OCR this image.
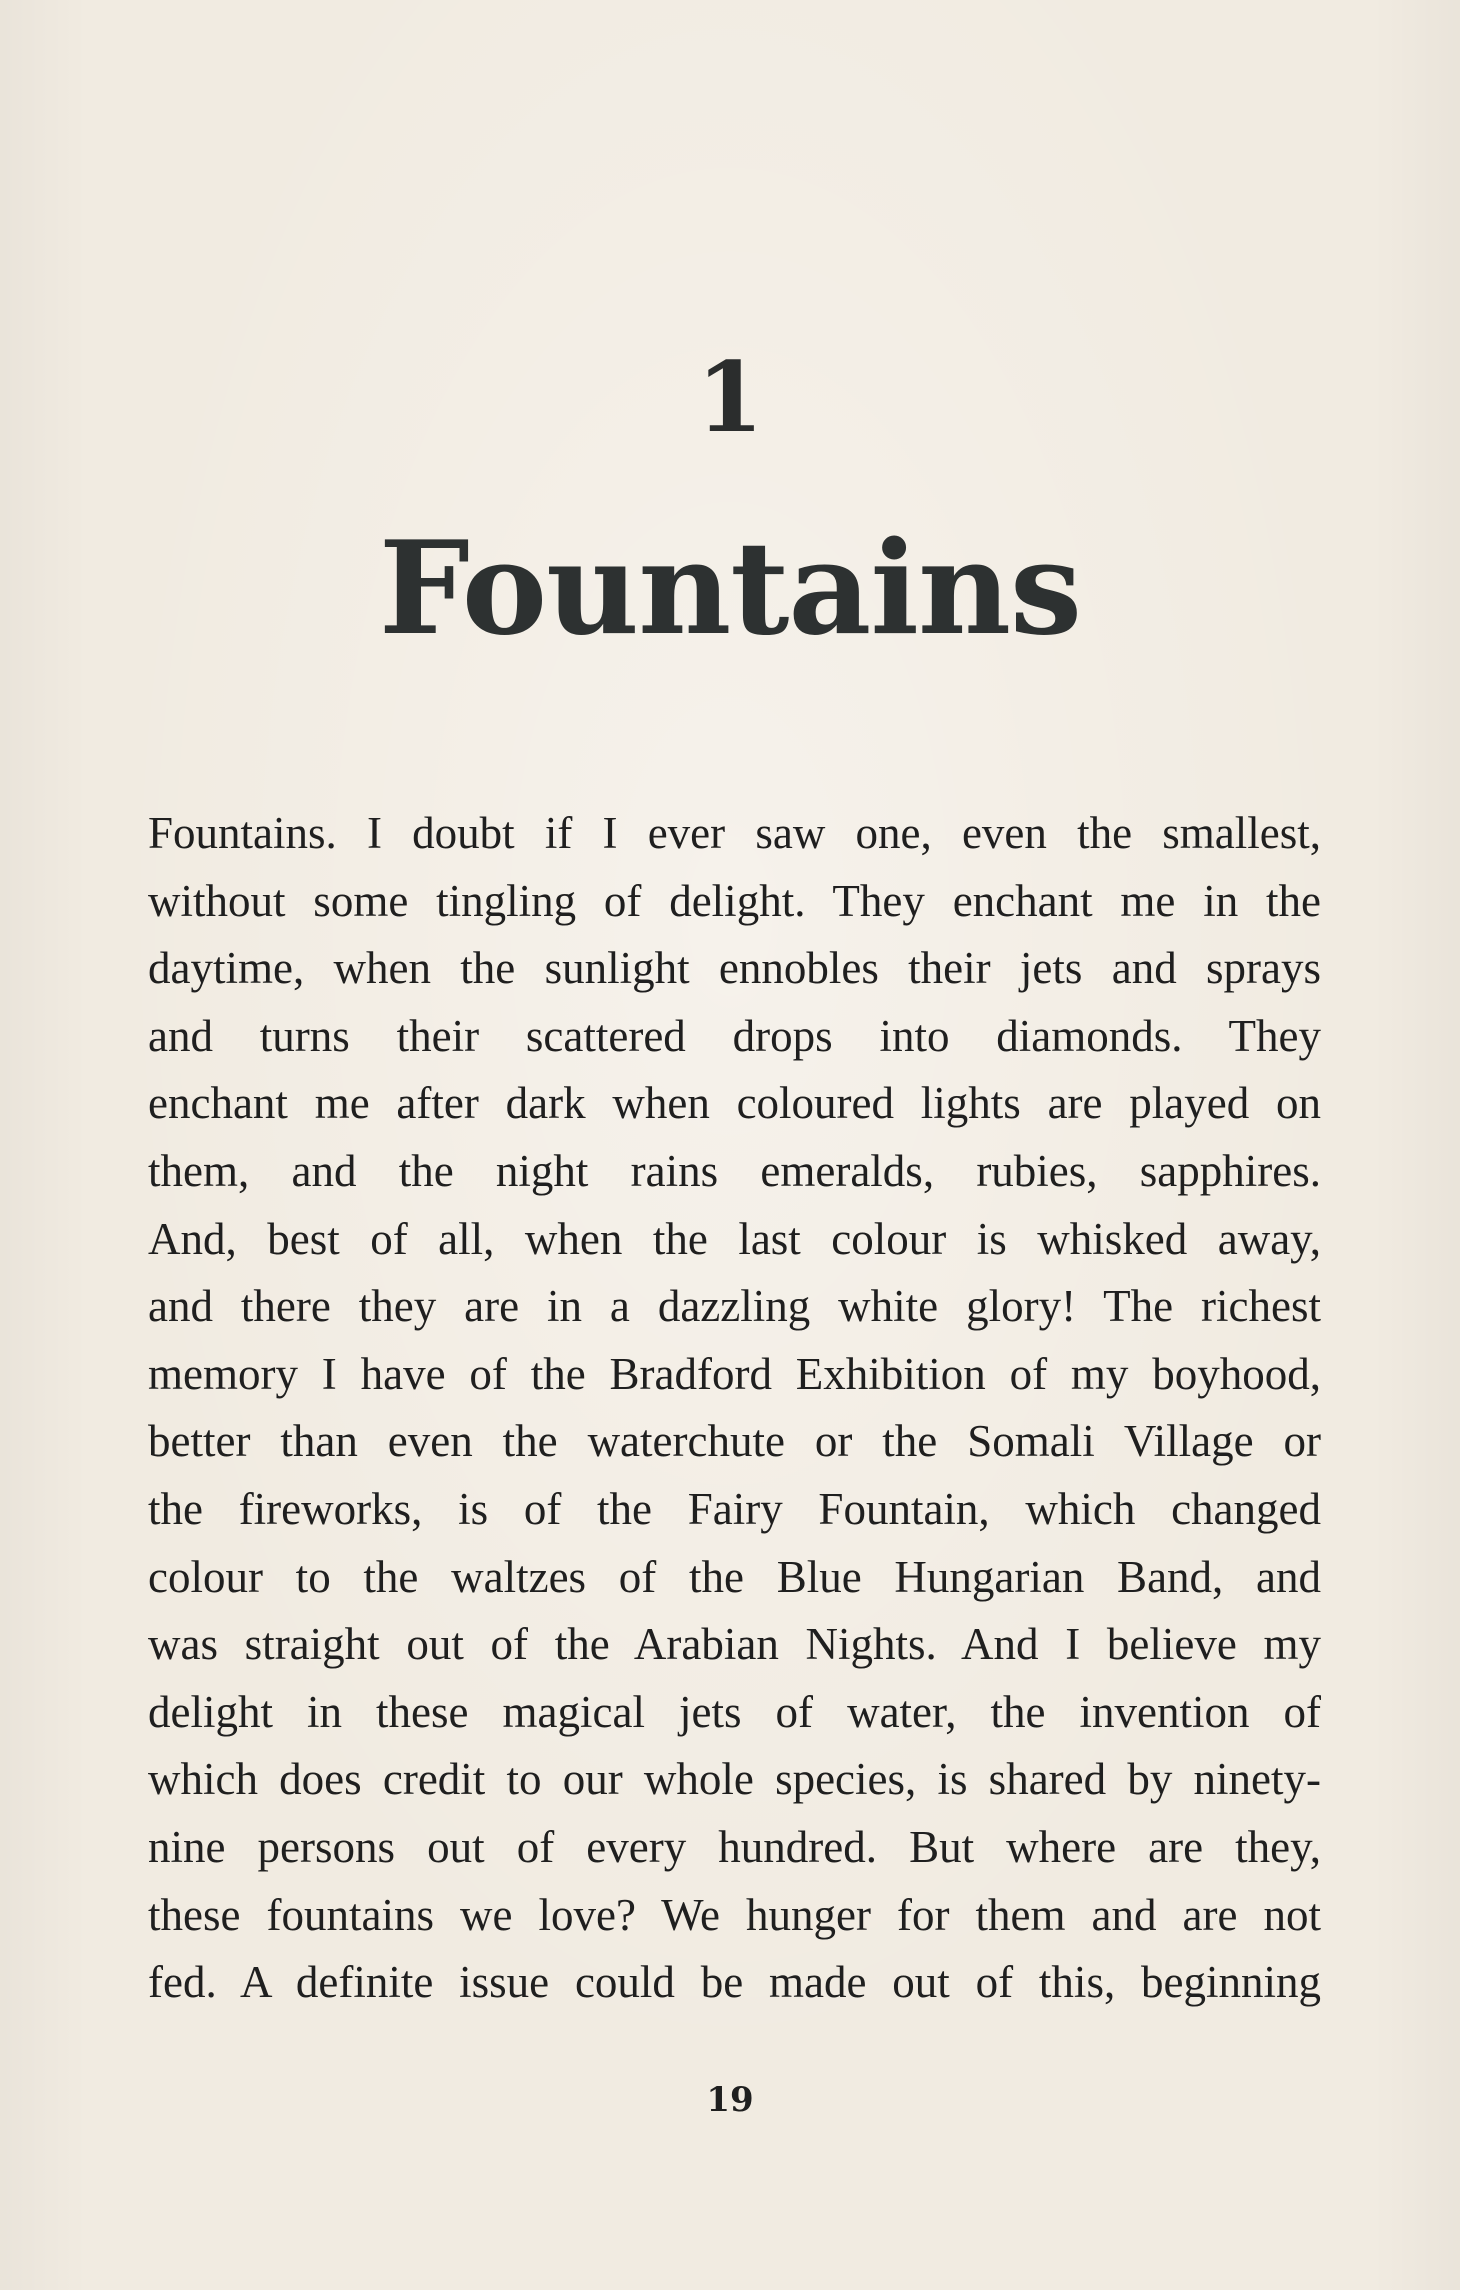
1
Fountains
Fountains. I doubt if I ever saw one, even the smallest,
without some tingling of delight. They enchant me in the
daytime, when the sunlight ennobles their jets and sprays
and turns their scattered drops into diamonds. They
enchant me after dark when coloured lights are played on
them, and the night rains emeralds, rubies, sapphires.
And, best of all, when the last colour is whisked away,
and there they are in a dazzling white glory! The richest
memory I have of the Bradford Exhibition of my boyhood,
better than even the waterchute or the Somali Village or
the fireworks, is of the Fairy Fountain, which changed
colour to the waltzes of the Blue Hungarian Band, and
was straight out of the Arabian Nights. And I believe my
delight in these magical jets of water, the invention of
which does credit to our whole species, is shared by ninety-
nine persons out of every hundred. But where are they,
these fountains we love? We hunger for them and are not
fed. A definite issue could be made out of this, beginning
19
